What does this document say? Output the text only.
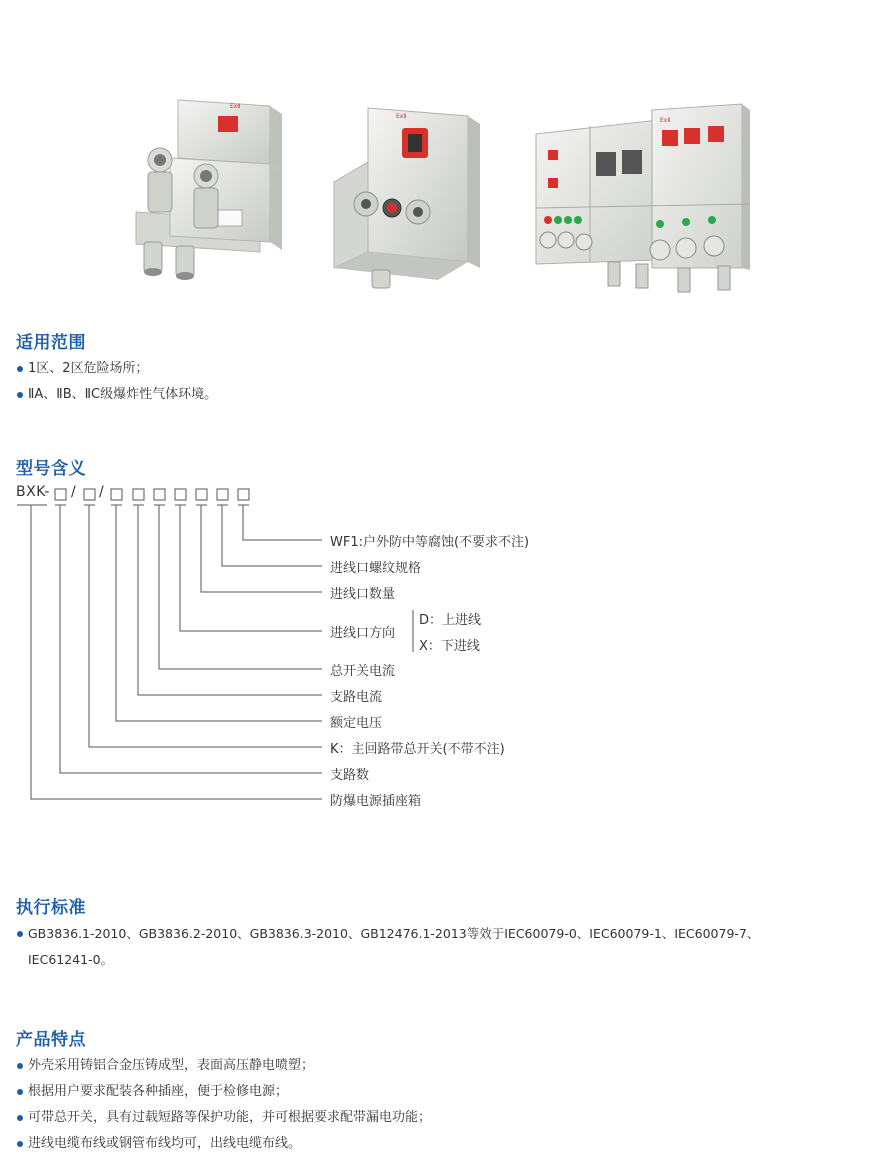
ExⅡ
ExⅡ
ExⅡ
适用范围
1区、2区危险场所；
ⅡA、ⅡB、ⅡC级爆炸性气体环境。
型号含义
BXK- / /
WF1:户外防中等腐蚀(不要求不注)
进线口螺纹规格
进线口数量
进线口方向
D：上进线
X：下进线
总开关电流
支路电流
额定电压
K：主回路带总开关(不带不注)
支路数
防爆电源插座箱
执行标准
GB3836.1-2010、GB3836.2-2010、GB3836.3-2010、GB12476.1-2013等效于IEC60079-0、IEC60079-1、IEC60079-7、
IEC61241-0。
产品特点
外壳采用铸铝合金压铸成型，表面高压静电喷塑；
根据用户要求配装各种插座，便于检修电源；
可带总开关，具有过载短路等保护功能，并可根据要求配带漏电功能；
进线电缆布线或钢管布线均可，出线电缆布线。
